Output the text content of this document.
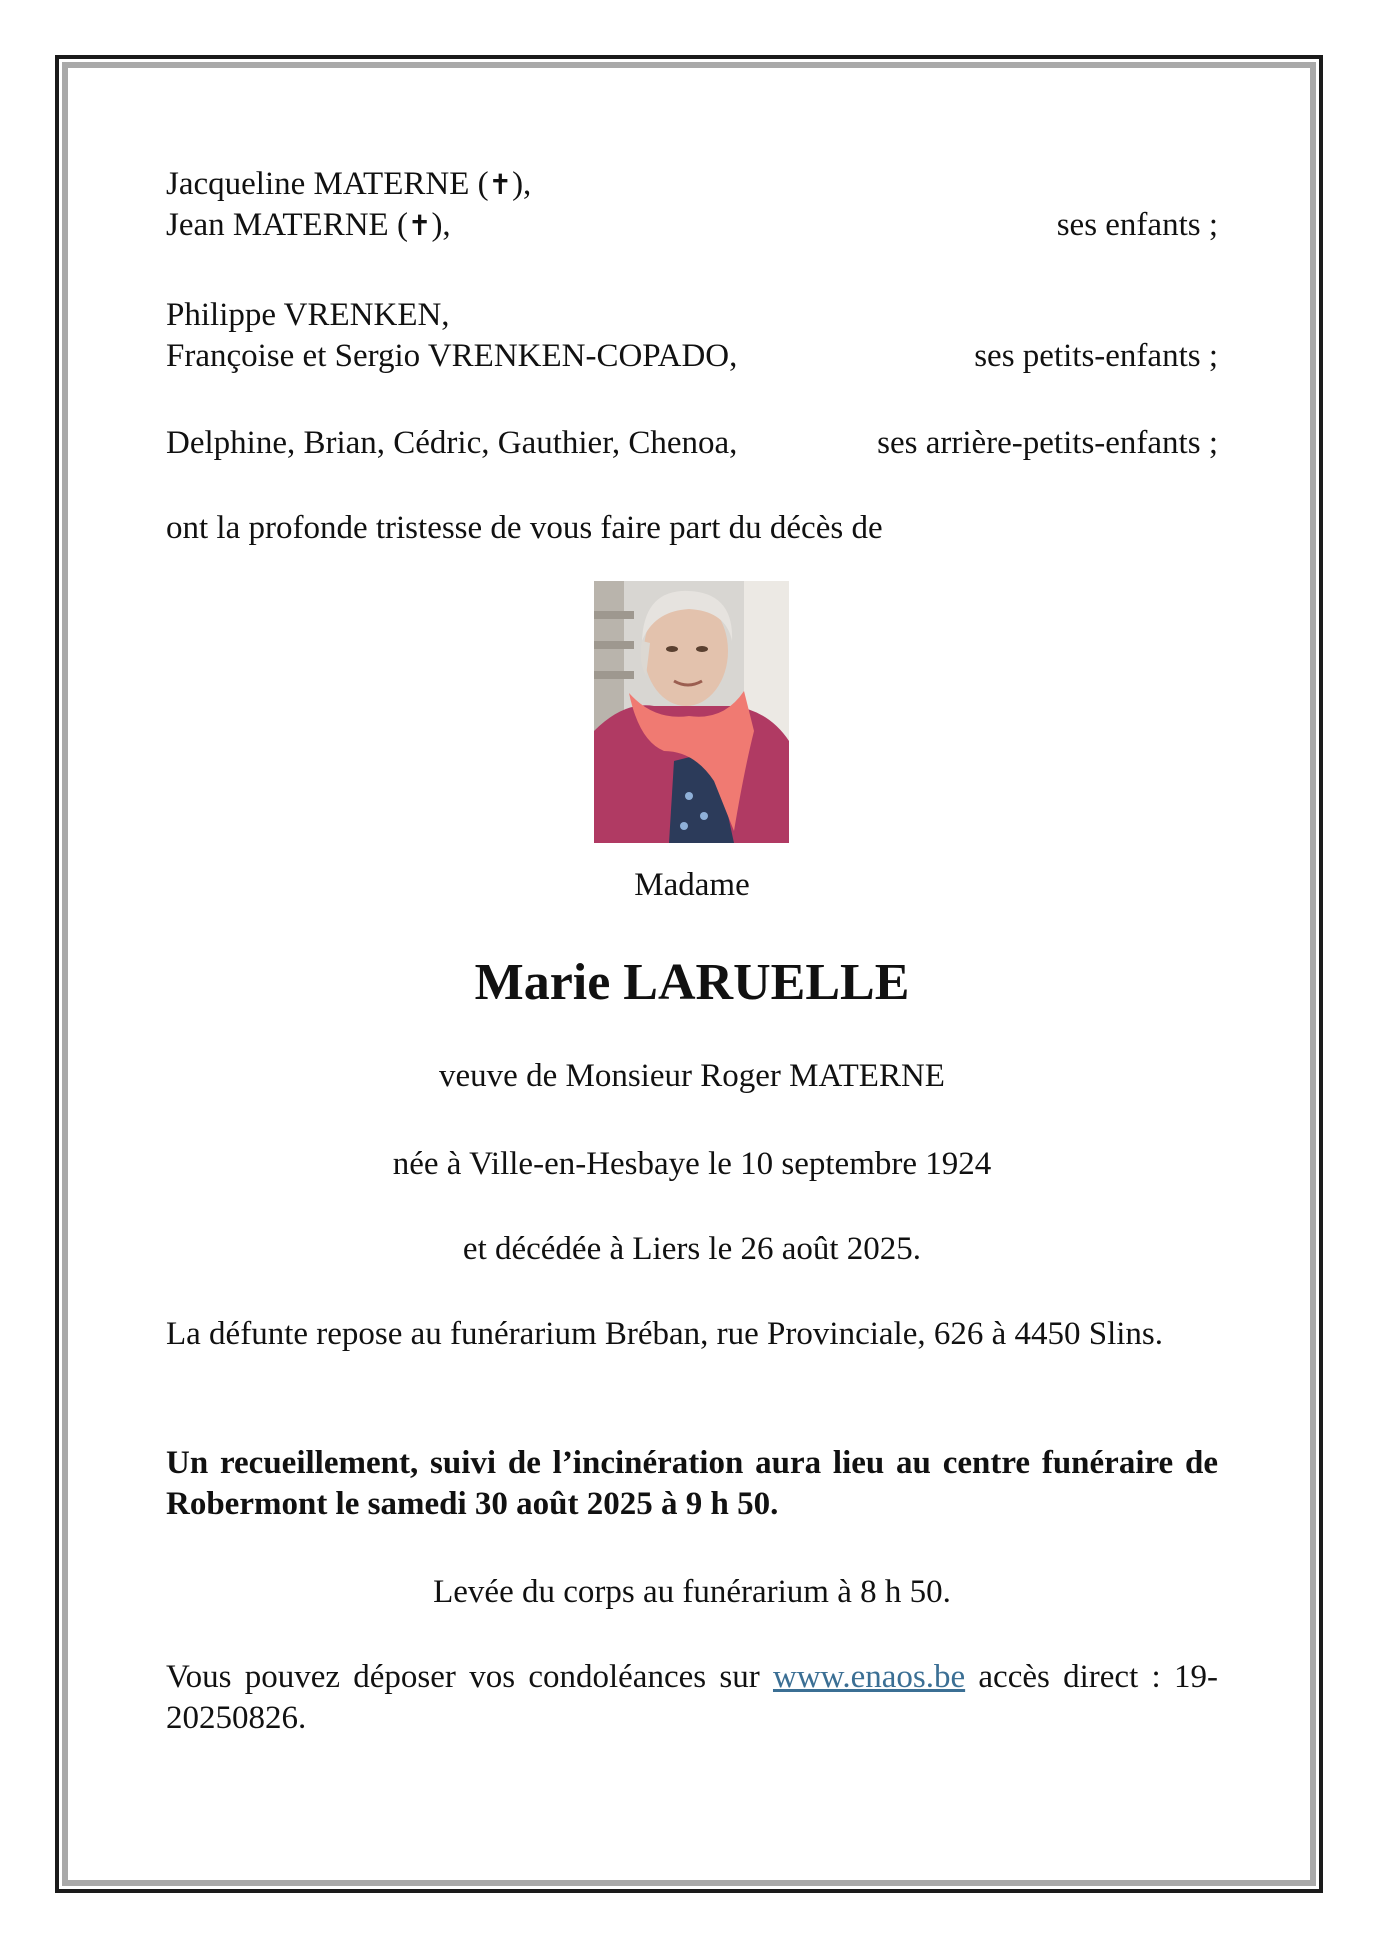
Jacqueline MATERNE (✝),
Jean MATERNE (✝),	ses enfants ;
Philippe VRENKEN,
Françoise et Sergio VRENKEN-COPADO,	ses petits-enfants ;
Delphine, Brian, Cédric, Gauthier, Chenoa,	ses arrière-petits-enfants ;
ont la profonde tristesse de vous faire part du décès de
Madame
Marie LARUELLE
veuve de Monsieur Roger MATERNE
née à Ville-en-Hesbaye le 10 septembre 1924
et décédée à Liers le 26 août 2025.
La défunte repose au funérarium Bréban, rue Provinciale, 626 à 4450 Slins.
Un recueillement, suivi de l’incinération aura lieu au centre funéraire de Robermont le samedi 30 août 2025 à 9 h 50.
Levée du corps au funérarium à 8 h 50.
Vous pouvez déposer vos condoléances sur www.enaos.be accès direct : 19-20250826.
